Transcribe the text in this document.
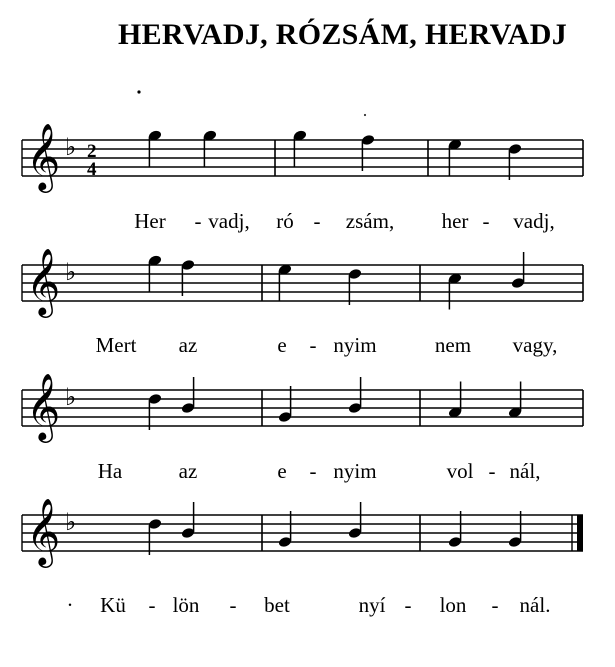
HERVADJ, RÓZSÁM, HERVADJ
𝄞 ♭ 2
4
Her - vadj, ró - zsám, her - vadj,
𝄞 ♭
Mert az	e - nyim	nem vagy,
𝄞 ♭
Ha	az	e - nyim	vol - nál,
𝄞 ♭
· Kü - lön - bet	nyí - lon - nál.
